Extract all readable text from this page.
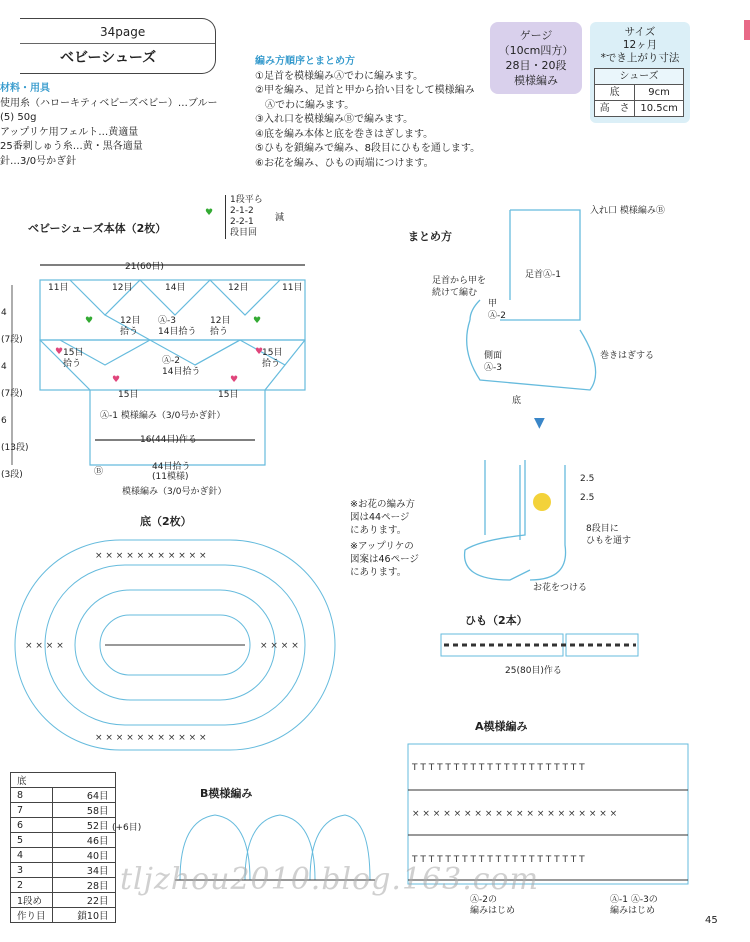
34page
ベビーシューズ
材料・用具
使用糸（ハローキティベビーズベビー）…ブルー
(5) 50g
アップリケ用フェルト…黄適量
25番刺しゅう糸…黄・黒各適量
針…3/0号かぎ針
編み方順序とまとめ方
①足首を模様編みⒶでわに編みます。
②甲を編み、足首と甲から拾い目をして模様編み
　Ⓐでわに編みます。
③入れ口を模様編みⒷで編みます。
④底を編み本体と底を巻きはぎします。
⑤ひもを鎖編みで編み、8段目にひもを通します。
⑥お花を編み、ひもの両端につけます。
ゲージ
（10cm四方）
28目・20段
模様編み
サイズ
12ヶ月
*でき上がり寸法
シューズ	
底	9cm
高　さ	10.5cm
ベビーシューズ本体（2枚）
♥
1段平ら
2-1-2
2-2-1
段目回
減
21(60目)
11目	12目	14目	12目	11目
4
(7段)
4
(7段)
6
(13段)
(3段)
♥	12目
拾う
Ⓐ-3
14目拾う
12目
拾う
♥
15目
拾う	Ⓐ-2
14目拾う
15目
拾う
♥
♥	♥
♥
15目	15目
Ⓐ-1 模様編み（3/0号かぎ針）
16(44目)作る
Ⓑ	44目拾う
(11模様)
模様編み（3/0号かぎ針）
底（2枚）
× × × ×	× × × ×
× × × × × × × × × × ×
× × × × × × × × × × ×
底	
8	64目
7	58目
6	52目
5	46目
4	40目
3	34目
2	28目
1段め	22目
作り目	鎖10目
(+6目)
B模様編み
まとめ方
入れ口 模様編みⒷ
足首Ⓐ-1
足首から甲を
続けて編む
甲
Ⓐ-2
側面
Ⓐ-3
巻きはぎする
底
▼
2.5
2.5
8段目に
ひもを通す
お花をつける
※お花の編み方
図は44ページ
にあります。
※アップリケの
図案は46ページ
にあります。
ひも（2本）
25(80目)作る
A模様編み
T T T T T T T T T T T T T T T T T T T T T
× × × × × × × × × × × × × × × × × × × ×
T T T T T T T T T T T T T T T T T T T T T
Ⓐ-2の
編みはじめ
Ⓐ-1 Ⓐ-3の
編みはじめ
tljzhou2010.blog.163.com
45
